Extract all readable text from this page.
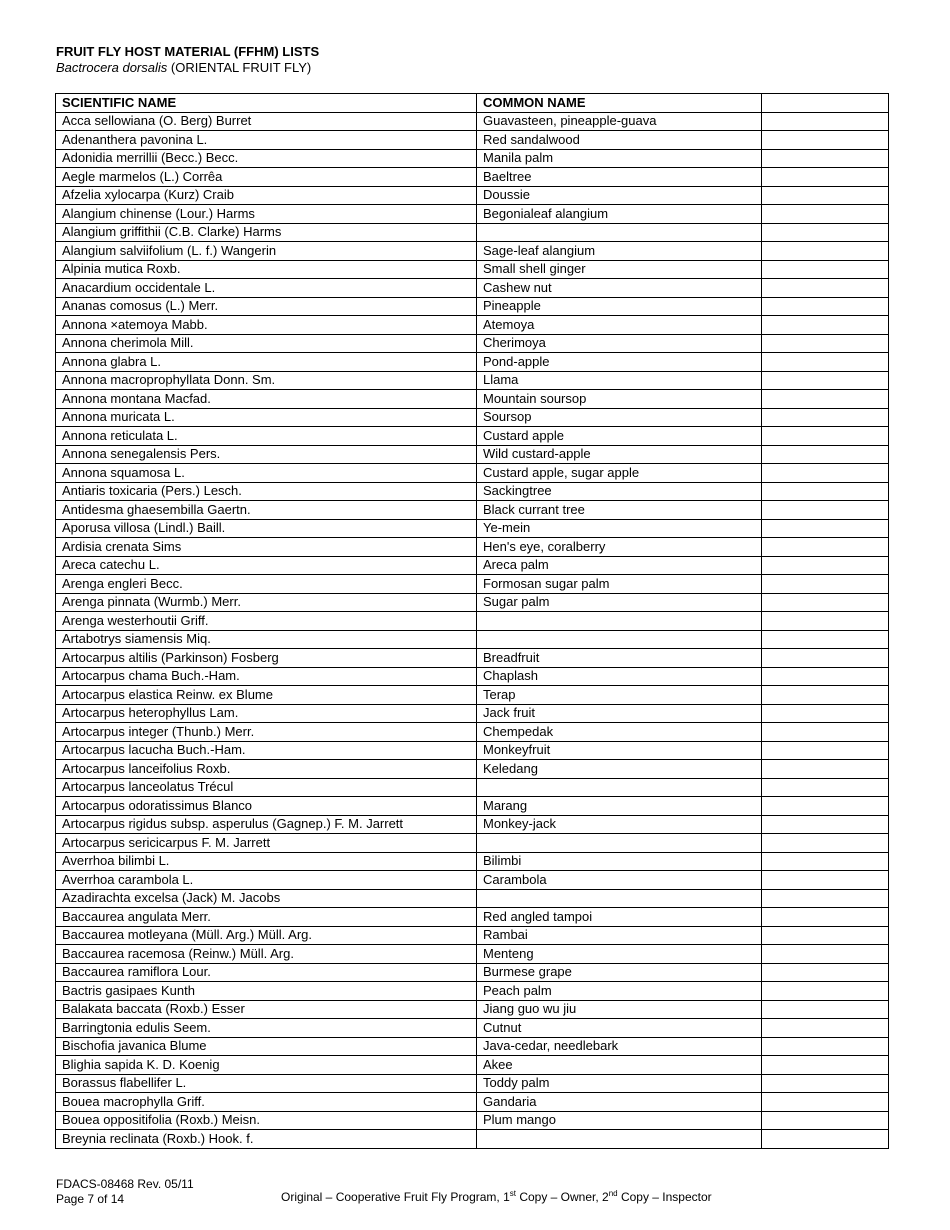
FRUIT FLY HOST MATERIAL (FFHM) LISTS
Bactrocera dorsalis (ORIENTAL FRUIT FLY)
SCIENTIFIC NAME	COMMON NAME	
Acca sellowiana (O. Berg) Burret	Guavasteen, pineapple-guava	
Adenanthera pavonina L.	Red sandalwood	
Adonidia merrillii (Becc.) Becc.	Manila palm	
Aegle marmelos (L.) Corrêa	Baeltree	
Afzelia xylocarpa (Kurz) Craib	Doussie	
Alangium chinense (Lour.) Harms	Begonialeaf alangium	
Alangium griffithii (C.B. Clarke) Harms		
Alangium salviifolium (L. f.) Wangerin	Sage-leaf alangium	
Alpinia mutica Roxb.	Small shell ginger	
Anacardium occidentale L.	Cashew nut	
Ananas comosus (L.) Merr.	Pineapple	
Annona ×atemoya Mabb.	Atemoya	
Annona cherimola Mill.	Cherimoya	
Annona glabra L.	Pond-apple	
Annona macroprophyllata Donn. Sm.	Llama	
Annona montana Macfad.	Mountain soursop	
Annona muricata L.	Soursop	
Annona reticulata L.	Custard apple	
Annona senegalensis Pers.	Wild custard-apple	
Annona squamosa L.	Custard apple, sugar apple	
Antiaris toxicaria (Pers.) Lesch.	Sackingtree	
Antidesma ghaesembilla Gaertn.	Black currant tree	
Aporusa villosa (Lindl.) Baill.	Ye-mein	
Ardisia crenata Sims	Hen's eye, coralberry	
Areca catechu L.	Areca palm	
Arenga engleri Becc.	Formosan sugar palm	
Arenga pinnata (Wurmb.) Merr.	Sugar palm	
Arenga westerhoutii Griff.		
Artabotrys siamensis Miq.		
Artocarpus altilis (Parkinson) Fosberg	Breadfruit	
Artocarpus chama Buch.-Ham.	Chaplash	
Artocarpus elastica Reinw. ex Blume	Terap	
Artocarpus heterophyllus Lam.	Jack fruit	
Artocarpus integer (Thunb.) Merr.	Chempedak	
Artocarpus lacucha Buch.-Ham.	Monkeyfruit	
Artocarpus lanceifolius Roxb.	Keledang	
Artocarpus lanceolatus Trécul		
Artocarpus odoratissimus Blanco	Marang	
Artocarpus rigidus subsp. asperulus (Gagnep.) F. M. Jarrett	Monkey-jack	
Artocarpus sericicarpus F. M. Jarrett		
Averrhoa bilimbi L.	Bilimbi	
Averrhoa carambola L.	Carambola	
Azadirachta excelsa (Jack) M. Jacobs		
Baccaurea angulata Merr.	Red angled tampoi	
Baccaurea motleyana (Müll. Arg.) Müll. Arg.	Rambai	
Baccaurea racemosa (Reinw.) Müll. Arg.	Menteng	
Baccaurea ramiflora Lour.	Burmese grape	
Bactris gasipaes Kunth	Peach palm	
Balakata baccata (Roxb.) Esser	Jiang guo wu jiu	
Barringtonia edulis Seem.	Cutnut	
Bischofia javanica Blume	Java-cedar, needlebark	
Blighia sapida K. D. Koenig	Akee	
Borassus flabellifer L.	Toddy palm	
Bouea macrophylla Griff.	Gandaria	
Bouea oppositifolia (Roxb.) Meisn.	Plum mango	
Breynia reclinata (Roxb.) Hook. f.		
FDACS-08468 Rev. 05/11
Page 7 of 14	Original – Cooperative Fruit Fly Program, 1st Copy – Owner, 2nd Copy – Inspector
